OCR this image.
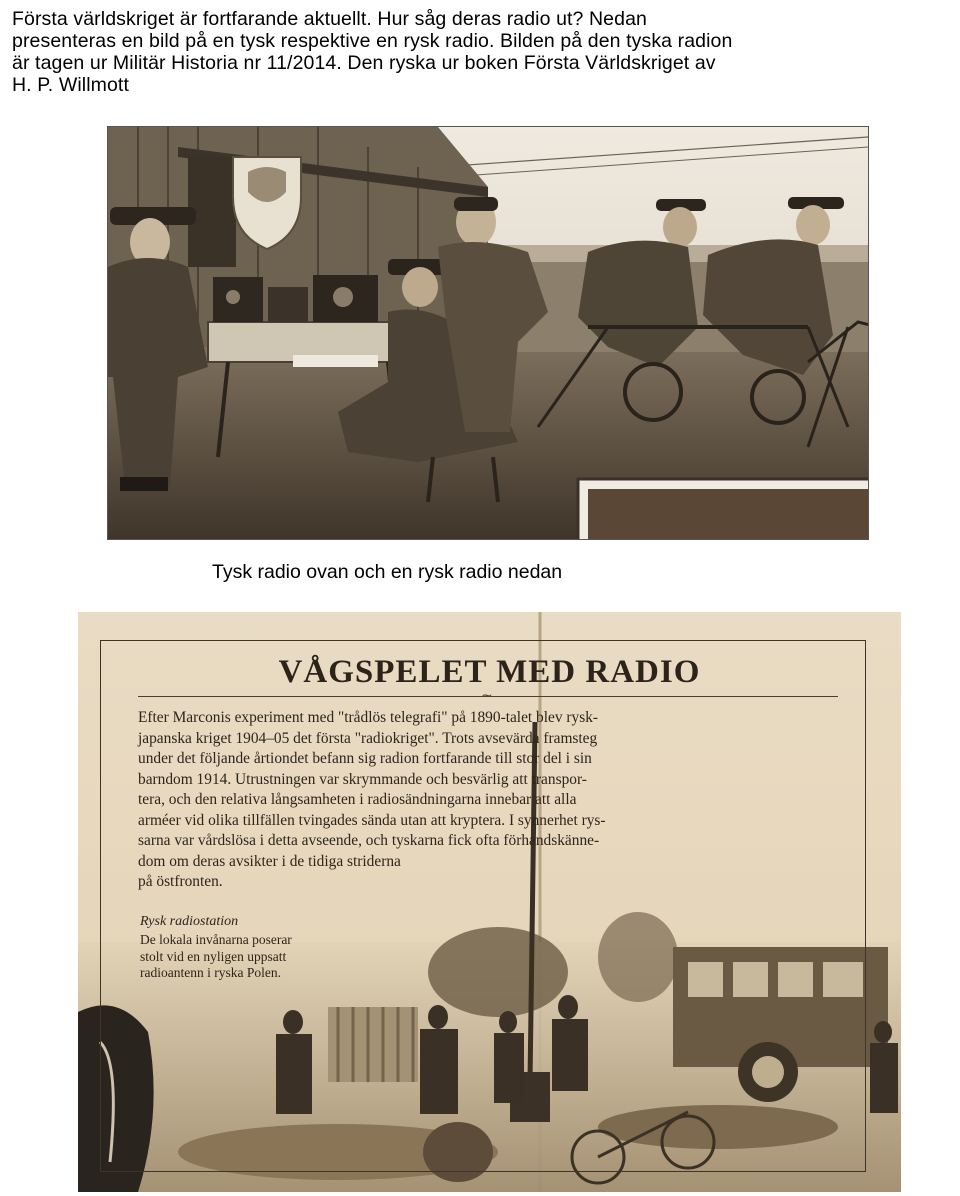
Första världskriget är fortfarande aktuellt. Hur såg deras radio ut? Nedan
presenteras en bild på en tysk respektive en rysk radio. Bilden på den tyska radion
är tagen ur Militär Historia nr 11/2014. Den ryska ur boken Första Världskriget av
H. P. Willmott
Tysk radio ovan och en rysk radio nedan
VÅGSPELET MED RADIO
~
Efter Marconis experiment med "trådlös telegrafi" på 1890-talet blev rysk-
japanska kriget 1904–05 det första "radiokriget". Trots avsevärda framsteg
under det följande årtiondet befann sig radion fortfarande till stor del i sin
barndom 1914. Utrustningen var skrymmande och besvärlig att transpor-
tera, och den relativa långsamheten i radiosändningarna innebar att alla
arméer vid olika tillfällen tvingades sända utan att kryptera. I synnerhet rys-
sarna var vårdslösa i detta avseende, och tyskarna fick ofta förhandskänne-
dom om deras avsikter i de tidiga striderna
på östfronten.
Rysk radiostation
De lokala invånarna poserar
stolt vid en nyligen uppsatt
radioantenn i ryska Polen.
